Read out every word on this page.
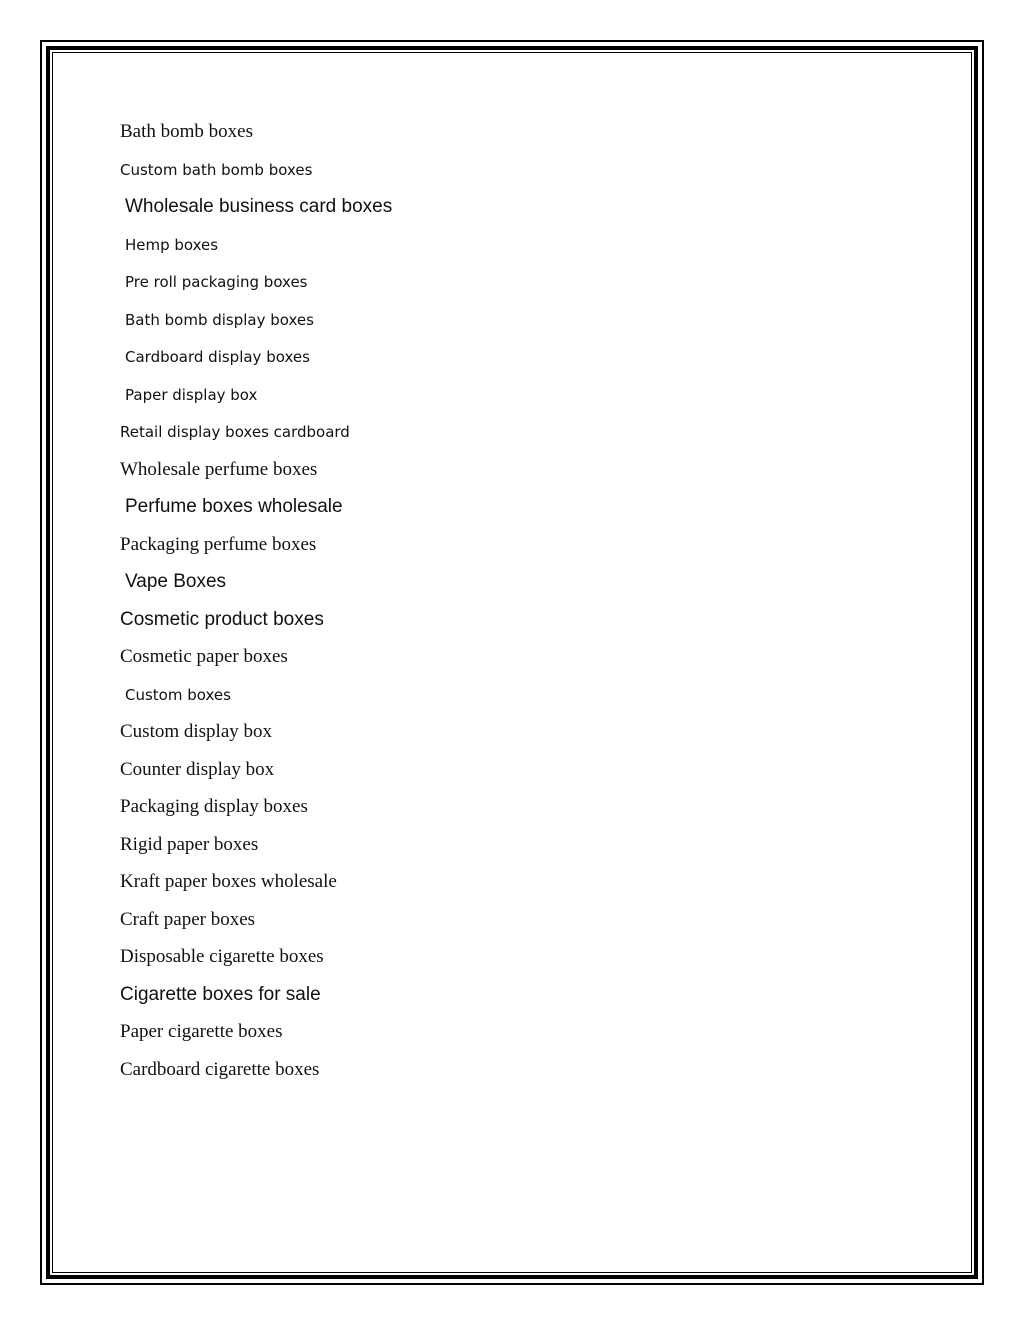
Bath bomb boxes
Custom bath bomb boxes
Wholesale business card boxes
Hemp boxes
Pre roll packaging boxes
Bath bomb display boxes
Cardboard display boxes
Paper display box
Retail display boxes cardboard
Wholesale perfume boxes
Perfume boxes wholesale
Packaging perfume boxes
Vape Boxes
Cosmetic product boxes
Cosmetic paper boxes
Custom boxes
Custom display box
Counter display box
Packaging display boxes
Rigid paper boxes
Kraft paper boxes wholesale
Craft paper boxes
Disposable cigarette boxes
Cigarette boxes for sale
Paper cigarette boxes
Cardboard cigarette boxes
